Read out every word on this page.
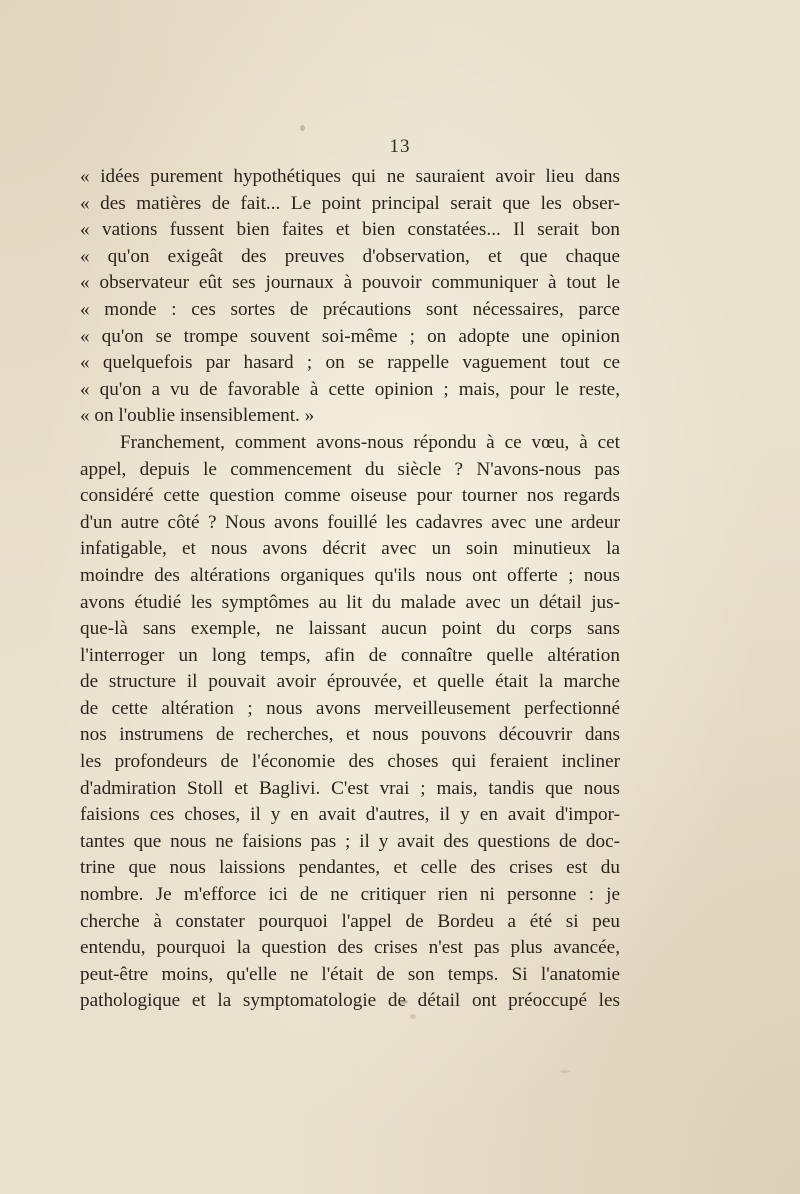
13
« idées purement hypothétiques qui ne sauraient avoir lieu dans
« des matières de fait... Le point principal serait que les obser-
« vations fussent bien faites et bien constatées... Il serait bon
« qu'on exigeât des preuves d'observation, et que chaque
« observateur eût ses journaux à pouvoir communiquer à tout le
« monde : ces sortes de précautions sont nécessaires, parce
« qu'on se trompe souvent soi-même ; on adopte une opinion
« quelquefois par hasard ; on se rappelle vaguement tout ce
« qu'on a vu de favorable à cette opinion ; mais, pour le reste,
« on l'oublie insensiblement. »
Franchement, comment avons-nous répondu à ce vœu, à cet
appel, depuis le commencement du siècle ? N'avons-nous pas
considéré cette question comme oiseuse pour tourner nos regards
d'un autre côté ? Nous avons fouillé les cadavres avec une ardeur
infatigable, et nous avons décrit avec un soin minutieux la
moindre des altérations organiques qu'ils nous ont offerte ; nous
avons étudié les symptômes au lit du malade avec un détail jus-
que-là sans exemple, ne laissant aucun point du corps sans
l'interroger un long temps, afin de connaître quelle altération
de structure il pouvait avoir éprouvée, et quelle était la marche
de cette altération ; nous avons merveilleusement perfectionné
nos instrumens de recherches, et nous pouvons découvrir dans
les profondeurs de l'économie des choses qui feraient incliner
d'admiration Stoll et Baglivi. C'est vrai ; mais, tandis que nous
faisions ces choses, il y en avait d'autres, il y en avait d'impor-
tantes que nous ne faisions pas ; il y avait des questions de doc-
trine que nous laissions pendantes, et celle des crises est du
nombre. Je m'efforce ici de ne critiquer rien ni personne : je
cherche à constater pourquoi l'appel de Bordeu a été si peu
entendu, pourquoi la question des crises n'est pas plus avancée,
peut-être moins, qu'elle ne l'était de son temps. Si l'anatomie
pathologique et la symptomatologie de détail ont préoccupé les
